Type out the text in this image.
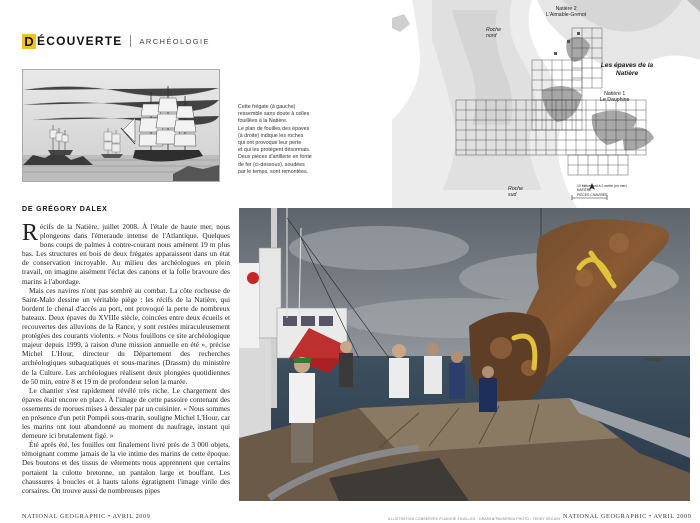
D ÉCOUVERTE ARCHÉOLOGIE
Cette frégate (à gauche)
ressemble sans doute à celles
fouillées à la Natière.
Le plan de fouilles des épaves
(à droite) indique les roches
qui ont provoqué leur perte
et qui les protègent désormais.
Deux pièces d'artillerie en fonte
de fer (ci-dessous), soudées
par le temps, sont remontées.
Natière 2
L'Aimable-Grenot
Roche
nord
Les épaves de la Natière
Natière 1
Le Dauphine
Roche
sud
10 Mètres ont à 2 mètre (en mer)
NATIÈRE
PIÈCES CHAVIRÉE
DE GRÉGORY DALEX

Récifs de la Natière, juillet 2008. À l'étale de haute mer, nous plongeons dans l'émeraude intense de l'Atlantique. Quelques bons coups de palmes à contre-courant nous amènent 19 m plus bas. Les structures en bois de deux frégates apparaissent dans un état de conservation incroyable. Au milieu des archéologues en plein travail, on imagine aisément l'éclat des canons et la folle bravoure des marins à l'abordage.

Mais ces navires n'ont pas sombré au combat. La côte rocheuse de Saint-Malo dessine un véritable piège : les récifs de la Natière, qui bordent le chenal d'accès au port, ont provoqué la perte de nombreux bateaux. Deux épaves du XVIIIe siècle, coincées entre deux écueils et recouvertes des alluvions de la Rance, y sont restées miraculeusement protégées des courants violents. « Nous fouillons ce site archéologique majeur depuis 1999, à raison d'une mission annuelle en été », précise Michel L'Hour, directeur du Département des recherches archéologiques subaquatiques et sous-marines (Drassm) du ministère de la Culture. Les archéologues réalisent deux plongées quotidiennes de 50 min, entre 8 et 19 m de profondeur selon la marée.

Le chantier s'est rapidement révélé très riche. Le chargement des épaves était encore en place. À l'image de cette passoire contenant des ossements de morues mises à dessaler par un cuisinier. « Nous sommes en présence d'un petit Pompéi sous-marin, souligne Michel L'Hour, car les marins ont tout abandonné au moment du naufrage, instant qui demeure ici brutalement figé. »

Été après été, les fouilles ont finalement livré près de 3 000 objets, témoignant comme jamais de la vie intime des marins de cette époque. Des boutons et des tissus de vêtements nous apprennent que certains portaient la culotte bretonne, un pantalon large et bouffant. Les chaussures à boucles et à hauts talons égratignent l'image virile des corsaires. On trouve aussi de nombreuses pipes

ILLUSTRATION CONSERVÉE PLANCHE FOUILLES · DRASSM/PASSERINI PHOTO : TEDDY SEGUIN
NATIONAL GEOGRAPHIC • AVRIL 2009	NATIONAL GEOGRAPHIC • AVRIL 2009
